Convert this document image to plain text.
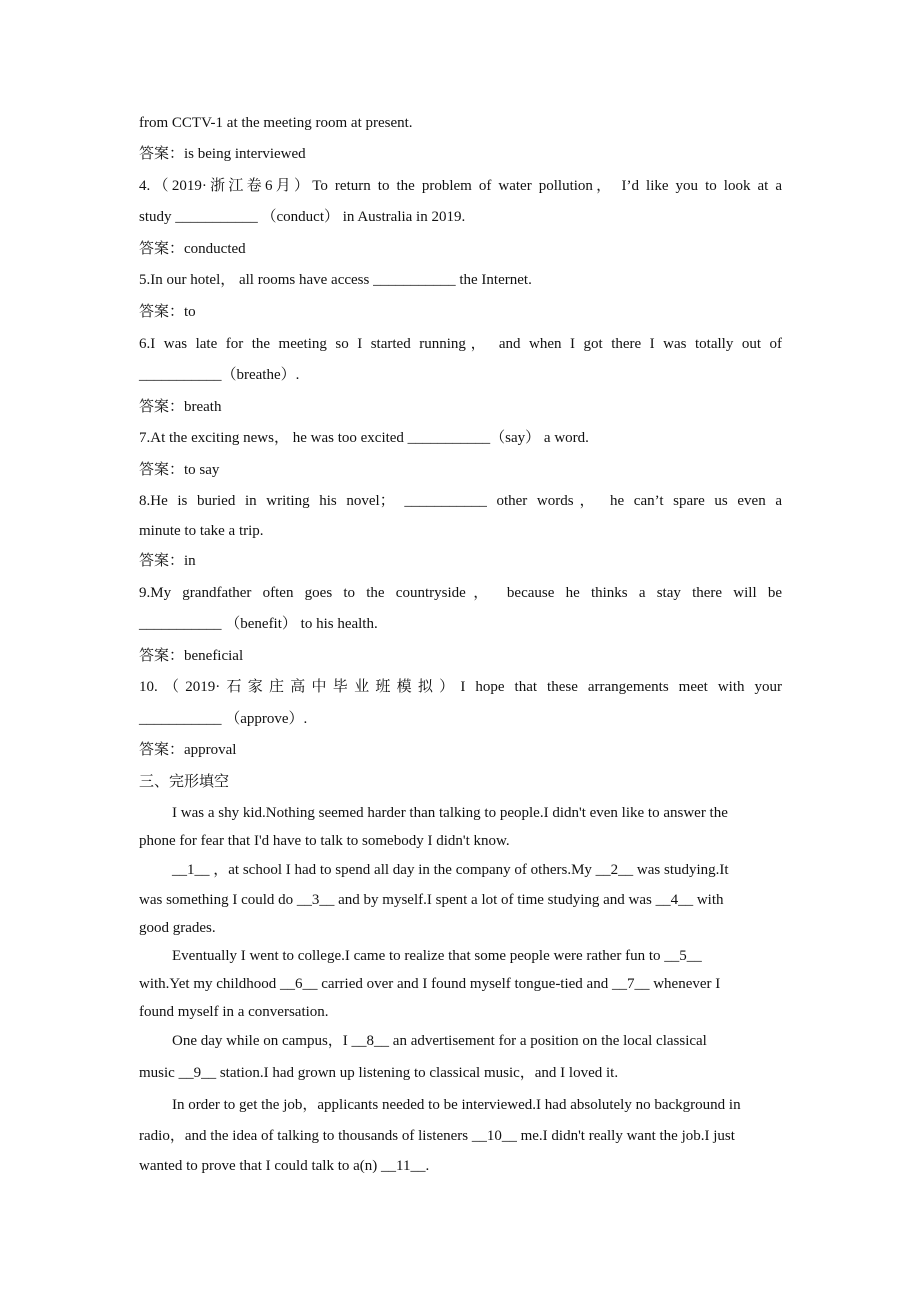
from CCTV-1 at the meeting room at present.
答案：is being interviewed
4.（2019·浙江卷6月）To return to the problem of water pollution， I’d like you to look at a
study ___________ （conduct） in Australia in 2019.
答案：conducted
5.In our hotel， all rooms have access ___________ the Internet.
答案：to
6.I was late for the meeting so I started running， and when I got there I was totally out of
___________（breathe）.
答案：breath
7.At the exciting news， he was too excited ___________（say） a word.
答案：to say
8.He is buried in writing his novel； ___________ other words， he can’t spare us even a
minute to take a trip.
答案：in
9.My grandfather often goes to the countryside， because he thinks a stay there will be
___________ （benefit） to his health.
答案：beneficial
10.（2019·石家庄高中毕业班模拟）I hope that these arrangements meet with your
___________ （approve）.
答案：approval
三、完形填空
I was a shy kid.Nothing seemed harder than talking to people.I didn't even like to answer the
phone for fear that I'd have to talk to somebody I didn't know.
__1__ ，at school I had to spend all day in the company of others.My __2__ was studying.It
was something I could do __3__ and by myself.I spent a lot of time studying and was __4__ with
good grades.
Eventually I went to college.I came to realize that some people were rather fun to __5__
with.Yet my childhood __6__ carried over and I found myself tongue-tied and __7__ whenever I
found myself in a conversation.
One day while on campus，I __8__ an advertisement for a position on the local classical
music __9__ station.I had grown up listening to classical music，and I loved it.
In order to get the job，applicants needed to be interviewed.I had absolutely no background in
radio，and the idea of talking to thousands of listeners __10__ me.I didn't really want the job.I just
wanted to prove that I could talk to a(n) __11__.
